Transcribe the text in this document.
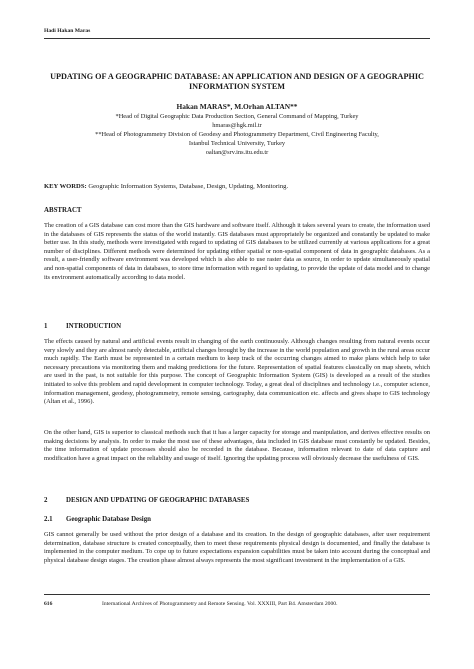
Hadi Hakan Maras
UPDATING OF A GEOGRAPHIC DATABASE: AN APPLICATION AND DESIGN OF A GEOGRAPHIC INFORMATION SYSTEM
Hakan MARAS*, M.Orhan ALTAN**
*Head of Digital Geographic Data Production Section, General Command of Mapping, Turkey
hmaras@hgk.mil.tr
**Head of Photogrammetry Division of Geodesy and Photogrammetry Department, Civil Engineering Faculty,
Istanbul Technical University, Turkey
oaltan@srv.ins.itu.edu.tr
KEY WORDS: Geographic Information Systems, Database, Design, Updating, Monitoring.
ABSTRACT
The creation of a GIS database can cost more than the GIS hardware and software itself. Although it takes several years to create, the information used in the databases of GIS represents the status of the world instantly. GIS databases must appropriately be organized and constantly be updated to make better use. In this study, methods were investigated with regard to updating of GIS databases to be utilized currently at various applications for a great number of disciplines. Different methods were determined for updating either spatial or non-spatial component of data in geographic databases. As a result, a user-friendly software environment was developed which is also able to use raster data as source, in order to update simultaneously spatial and non-spatial components of data in databases, to store time information with regard to updating, to provide the update of data model and to change its environment automatically according to data model.
1	INTRODUCTION
The effects caused by natural and artificial events result in changing of the earth continuously. Although changes resulting from natural events occur very slowly and they are almost rarely detectable, artificial changes brought by the increase in the world population and growth in the rural areas occur much rapidly. The Earth must be represented in a certain medium to keep track of the occurring changes aimed to make plans which help to take necessary precautions via monitoring them and making predictions for the future. Representation of spatial features classically on map sheets, which are used in the past, is not suitable for this purpose. The concept of Geographic Information System (GIS) is developed as a result of the studies initiated to solve this problem and rapid development in computer technology. Today, a great deal of disciplines and technology i.e., computer science, information management, geodesy, photogrammetry, remote sensing, cartography, data communication etc. affects and gives shape to GIS technology (Altan et al., 1996).
On the other hand, GIS is superior to classical methods such that it has a larger capacity for storage and manipulation, and derives effective results on making decisions by analysis. In order to make the most use of these advantages, data included in GIS database must constantly be updated. Besides, the time information of update processes should also be recorded in the database. Because, information relevant to date of data capture and modification have a great impact on the reliability and usage of itself. Ignoring the updating process will obviously decrease the usefulness of GIS.
2	DESIGN AND UPDATING OF GEOGRAPHIC DATABASES
2.1 Geographic Database Design
GIS cannot generally be used without the prior design of a database and its creation. In the design of geographic databases, after user requirement determination, database structure is created conceptually, then to meet these requirements physical design is documented, and finally the database is implemented in the computer medium. To cope up to future expectations expansion capabilities must be taken into account during the conceptual and physical database design stages. The creation phase almost always represents the most significant investment in the implementation of a GIS.
616	International Archives of Photogrammetry and Remote Sensing. Vol. XXXIII, Part B4. Amsterdam 2000.
